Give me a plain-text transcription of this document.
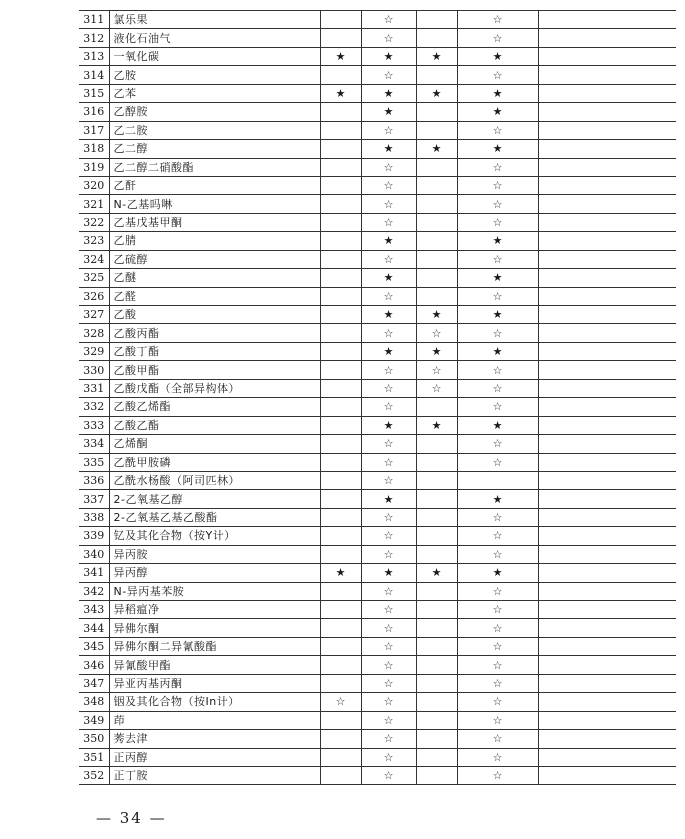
311	氯乐果		☆		☆	
312	液化石油气		☆		☆	
313	一氧化碳	★	★	★	★	
314	乙胺		☆		☆	
315	乙苯	★	★	★	★	
316	乙醇胺		★		★	
317	乙二胺		☆		☆	
318	乙二醇		★	★	★	
319	乙二醇二硝酸酯		☆		☆	
320	乙酐		☆		☆	
321	N-乙基吗啉		☆		☆	
322	乙基戊基甲酮		☆		☆	
323	乙腈		★		★	
324	乙硫醇		☆		☆	
325	乙醚		★		★	
326	乙醛		☆		☆	
327	乙酸		★	★	★	
328	乙酸丙酯		☆	☆	☆	
329	乙酸丁酯		★	★	★	
330	乙酸甲酯		☆	☆	☆	
331	乙酸戊酯（全部异构体）		☆	☆	☆	
332	乙酸乙烯酯		☆		☆	
333	乙酸乙酯		★	★	★	
334	乙烯酮		☆		☆	
335	乙酰甲胺磷		☆		☆	
336	乙酰水杨酸（阿司匹林）		☆			
337	2-乙氧基乙醇		★		★	
338	2-乙氧基乙基乙酸酯		☆		☆	
339	钇及其化合物（按Y计）		☆		☆	
340	异丙胺		☆		☆	
341	异丙醇	★	★	★	★	
342	N-异丙基苯胺		☆		☆	
343	异稻瘟净		☆		☆	
344	异佛尔酮		☆		☆	
345	异佛尔酮二异氰酸酯		☆		☆	
346	异氰酸甲酯		☆		☆	
347	异亚丙基丙酮		☆		☆	
348	铟及其化合物（按In计）	☆	☆		☆	
349	茚		☆		☆	
350	莠去津		☆		☆	
351	正丙醇		☆		☆	
352	正丁胺		☆		☆	
— 34 —
